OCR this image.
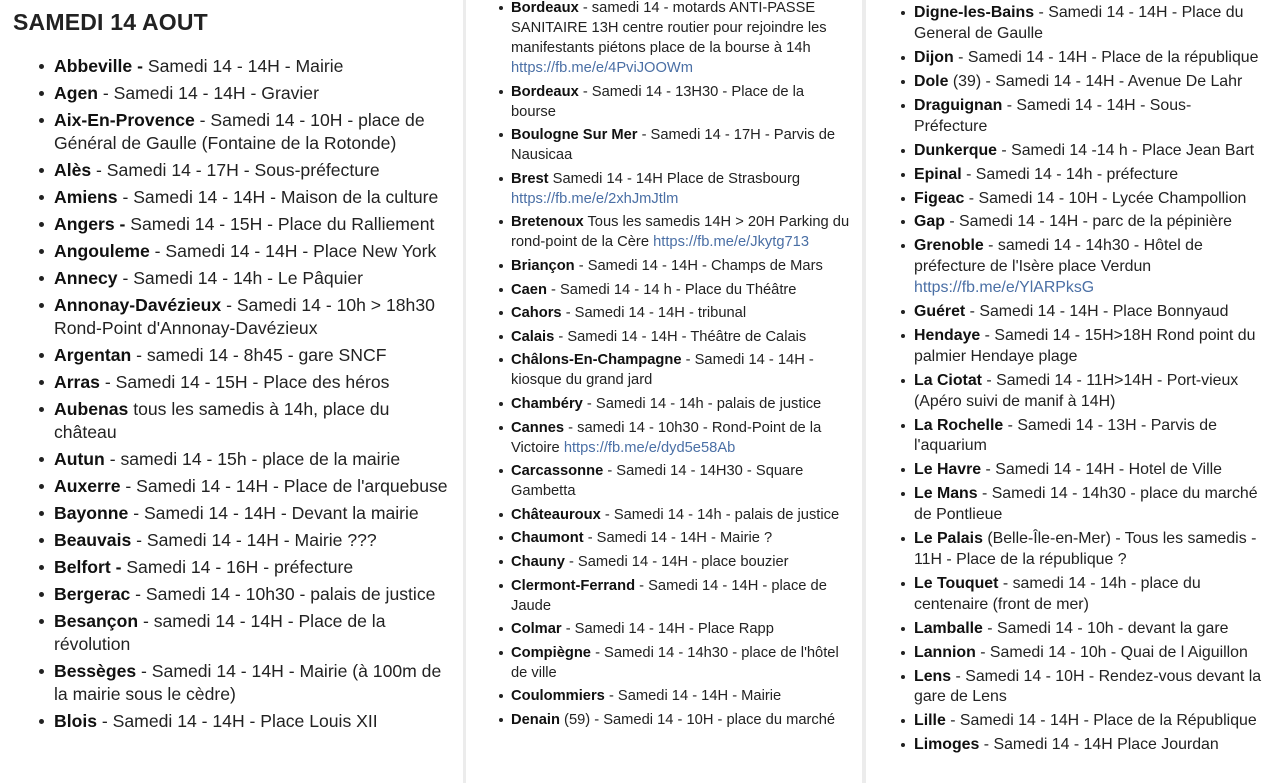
SAMEDI 14 AOUT
Abbeville - Samedi 14 - 14H - Mairie
Agen - Samedi 14 - 14H - Gravier
Aix-En-Provence - Samedi 14 - 10H - place de Général de Gaulle (Fontaine de la Rotonde)
Alès - Samedi 14 - 17H - Sous-préfecture
Amiens - Samedi 14 - 14H - Maison de la culture
Angers - Samedi 14 - 15H - Place du Ralliement
Angouleme - Samedi 14 - 14H - Place New York
Annecy - Samedi 14 - 14h - Le Pâquier
Annonay-Davézieux - Samedi 14 - 10h > 18h30 Rond-Point d'Annonay-Davézieux
Argentan - samedi 14 - 8h45 - gare SNCF
Arras - Samedi 14 - 15H - Place des héros
Aubenas tous les samedis à 14h, place du château
Autun - samedi 14 - 15h - place de la mairie
Auxerre - Samedi 14 - 14H - Place de l'arquebuse
Bayonne - Samedi 14 - 14H - Devant la mairie
Beauvais - Samedi 14 - 14H - Mairie ???
Belfort - Samedi 14 - 16H - préfecture
Bergerac - Samedi 14 - 10h30 - palais de justice
Besançon - samedi 14 - 14H - Place de la révolution
Bessèges - Samedi 14 - 14H - Mairie (à 100m de la mairie sous le cèdre)
Blois - Samedi 14 - 14H - Place Louis XII
Bordeaux - samedi 14 - motards ANTI-PASSE SANITAIRE 13H centre routier pour rejoindre les manifestants piétons place de la bourse à 14h https://fb.me/e/4PviJOOWm
Bordeaux - Samedi 14 - 13H30 - Place de la bourse
Boulogne Sur Mer - Samedi 14 - 17H - Parvis de Nausicaa
Brest Samedi 14 - 14H Place de Strasbourg https://fb.me/e/2xhJmJtlm
Bretenoux Tous les samedis 14H > 20H Parking du rond-point de la Cère https://fb.me/e/Jkytg713
Briançon - Samedi 14 - 14H - Champs de Mars
Caen - Samedi 14 - 14 h - Place du Théâtre
Cahors - Samedi 14 - 14H - tribunal
Calais - Samedi 14 - 14H - Théâtre de Calais
Châlons-En-Champagne - Samedi 14 - 14H - kiosque du grand jard
Chambéry - Samedi 14 - 14h - palais de justice
Cannes - samedi 14 - 10h30 - Rond-Point de la Victoire https://fb.me/e/dyd5e58Ab
Carcassonne - Samedi 14 - 14H30 - Square Gambetta
Châteauroux - Samedi 14 - 14h - palais de justice
Chaumont - Samedi 14 - 14H - Mairie ?
Chauny - Samedi 14 - 14H - place bouzier
Clermont-Ferrand - Samedi 14 - 14H - place de Jaude
Colmar - Samedi 14 - 14H - Place Rapp
Compiègne - Samedi 14 - 14h30 - place de l'hôtel de ville
Coulommiers - Samedi 14 - 14H - Mairie
Denain (59) - Samedi 14 - 10H - place du marché
Digne-les-Bains - Samedi 14 - 14H - Place du General de Gaulle
Dijon - Samedi 14 - 14H - Place de la république
Dole (39) - Samedi 14 - 14H - Avenue De Lahr
Draguignan - Samedi 14 - 14H - Sous-Préfecture
Dunkerque - Samedi 14 -14 h - Place Jean Bart
Epinal - Samedi 14 - 14h - préfecture
Figeac - Samedi 14 - 10H - Lycée Champollion
Gap - Samedi 14 - 14H - parc de la pépinière
Grenoble - samedi 14 - 14h30 - Hôtel de préfecture de l'Isère place Verdun https://fb.me/e/YlARPksG
Guéret - Samedi 14 - 14H - Place Bonnyaud
Hendaye - Samedi 14 - 15H>18H Rond point du palmier Hendaye plage
La Ciotat - Samedi 14 - 11H>14H - Port-vieux (Apéro suivi de manif à 14H)
La Rochelle - Samedi 14 - 13H - Parvis de l'aquarium
Le Havre - Samedi 14 - 14H - Hotel de Ville
Le Mans - Samedi 14 - 14h30 - place du marché de Pontlieue
Le Palais (Belle-Île-en-Mer) - Tous les samedis - 11H - Place de la république ?
Le Touquet - samedi 14 - 14h - place du centenaire (front de mer)
Lamballe - Samedi 14 - 10h - devant la gare
Lannion - Samedi 14 - 10h - Quai de l Aiguillon
Lens - Samedi 14 - 10H - Rendez-vous devant la gare de Lens
Lille - Samedi 14 - 14H - Place de la République
Limoges - Samedi 14 - 14H Place Jourdan
